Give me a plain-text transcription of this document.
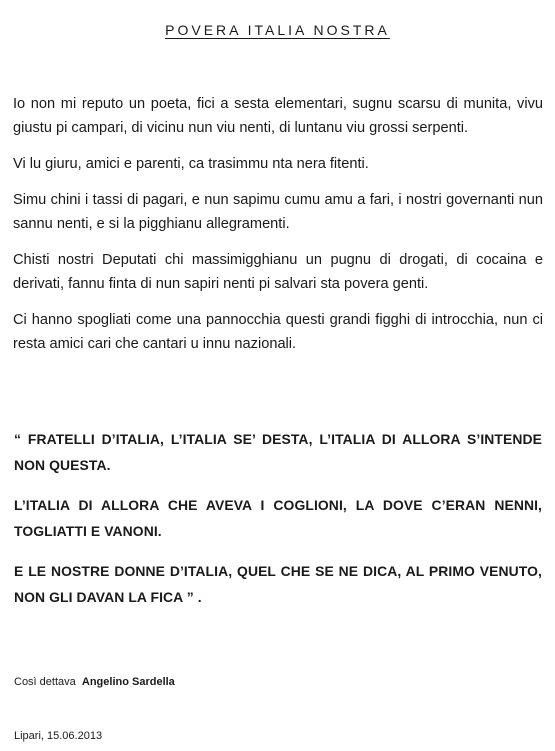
POVERA ITALIA NOSTRA

Io non mi reputo un poeta, fici a sesta elementari, sugnu scarsu di munita, vivu giustu pi campari, di vicinu nun viu nenti, di luntanu viu grossi serpenti.

Vi lu giuru, amici e parenti, ca trasimmu nta nera fitenti.

Simu chini i tassi di pagari, e nun sapimu cumu amu a fari, i nostri governanti nun sannu nenti, e si la pigghianu allegramenti.

Chisti nostri Deputati chi massimigghianu un pugnu di drogati, di cocaina e derivati, fannu finta di nun sapiri nenti pi salvari sta povera genti.

Ci hanno spogliati come una pannocchia questi grandi figghi di introcchia, nun ci resta amici cari che cantari u innu nazionali.

“ FRATELLI D’ITALIA, L’ITALIA SE’ DESTA, L’ITALIA DI ALLORA S’INTENDE NON QUESTA.

L’ITALIA DI ALLORA CHE AVEVA I COGLIONI, LA DOVE C’ERAN NENNI, TOGLIATTI E VANONI.

E LE NOSTRE DONNE D’ITALIA, QUEL CHE SE NE DICA, AL PRIMO VENUTO, NON GLI DAVAN LA FICA ” .

Così dettava Angelino Sardella
Lipari, 15.06.2013
